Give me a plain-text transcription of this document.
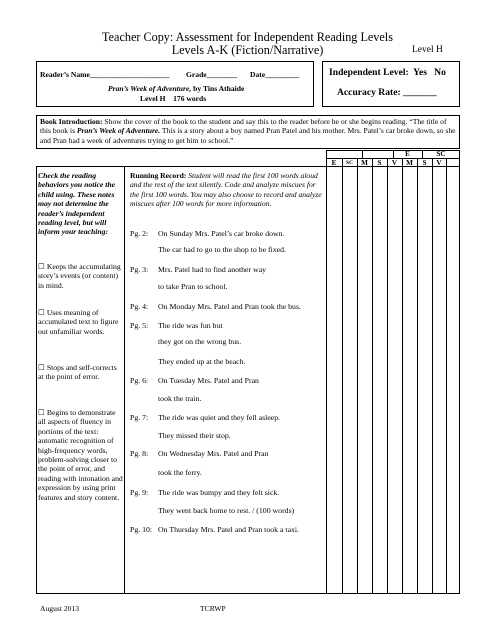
Teacher Copy: Assessment for Independent Reading Levels
Levels A-K (Fiction/Narrative)	Level H
Reader’s Name_____________________ Grade________ Date_________
Pran’s Week of Adventure, by Tins Athaide
Level H    176 words
Independent Level:  Yes   No
Accuracy Rate: _______
Book Introduction: Show the cover of the book to the student and say this to the reader before he or she begins reading. “The title of this book is Pran’s Week of Adventure. This is a story about a boy named Pran Patel and his mother. Mrs. Patel’s car broke down, so she and Pran had a week of adventures trying to get him to school.”
E	SC
E	SC	M	S	V	M	S	V
Check the reading behaviors you notice the child using. These notes may not determine the reader’s independent reading level, but will inform your teaching:
☐ Keeps the accumulating story’s events (or content) in mind.
☐ Uses meaning of accumulated text to figure out unfamiliar words.
☐ Stops and self-corrects at the point of error.
☐ Begins to demonstrate all aspects of fluency in portions of the text: automatic recognition of high-frequency words, problem-solving closer to the point of error, and reading with intonation and expression by using print features and story content.
Running Record: Student will read the first 100 words aloud and the rest of the text silently. Code and analyze miscues for the first 100 words. You may also choose to record and analyze miscues after 100 words for more information.
Pg. 2: On Sunday Mrs. Patel’s car broke down.
The car had to go to the shop to be fixed.
Pg. 3: Mrs. Patel had to find another way
to take Pran to school.
Pg. 4: On Monday Mrs. Patel and Pran took the bus.
Pg. 5: The ride was fun but
they got on the wrong bus.
They ended up at the beach.
Pg. 6: On Tuesday Mrs. Patel and Pran
took the train.
Pg. 7: The ride was quiet and they fell asleep.
They missed their stop.
Pg. 8: On Wednesday Mrs. Patel and Pran
took the ferry.
Pg. 9: The ride was bumpy and they felt sick.
They went back home to rest. / (100 words)
Pg. 10: On Thursday Mrs. Patel and Pran took a taxi.
August 2013	TCRWP
